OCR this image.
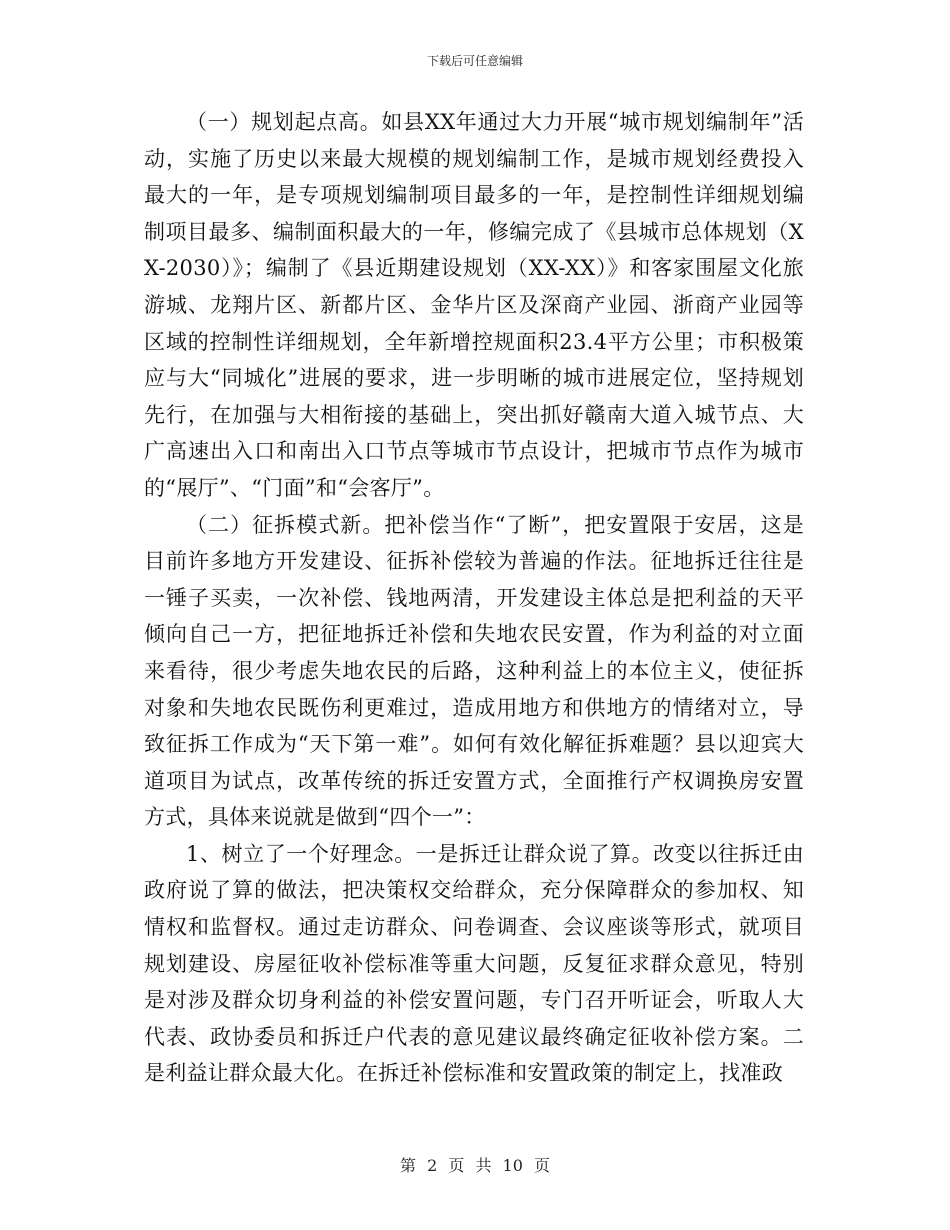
下载后可任意编辑

（一）规划起点高。如县XX年通过大力开展“城市规划编制年”活动，实施了历史以来最大规模的规划编制工作，是城市规划经费投入最大的一年，是专项规划编制项目最多的一年，是控制性详细规划编制项目最多、编制面积最大的一年，修编完成了《县城市总体规划（XX-2030）》；编制了《县近期建设规划（XX-XX）》和客家围屋文化旅游城、龙翔片区、新都片区、金华片区及深商产业园、浙商产业园等区域的控制性详细规划，全年新增控规面积23.4平方公里；市积极策应与大“同城化”进展的要求，进一步明晰的城市进展定位，坚持规划先行，在加强与大相衔接的基础上，突出抓好赣南大道入城节点、大广高速出入口和南出入口节点等城市节点设计，把城市节点作为城市的“展厅”、“门面”和“会客厅”。

（二）征拆模式新。把补偿当作“了断”，把安置限于安居，这是目前许多地方开发建设、征拆补偿较为普遍的作法。征地拆迁往往是一锤子买卖，一次补偿、钱地两清，开发建设主体总是把利益的天平倾向自己一方，把征地拆迁补偿和失地农民安置，作为利益的对立面来看待，很少考虑失地农民的后路，这种利益上的本位主义，使征拆对象和失地农民既伤利更难过，造成用地方和供地方的情绪对立，导致征拆工作成为“天下第一难”。如何有效化解征拆难题？县以迎宾大道项目为试点，改革传统的拆迁安置方式，全面推行产权调换房安置方式，具体来说就是做到“四个一”：

1、树立了一个好理念。一是拆迁让群众说了算。改变以往拆迁由政府说了算的做法，把决策权交给群众，充分保障群众的参加权、知情权和监督权。通过走访群众、问卷调查、会议座谈等形式，就项目规划建设、房屋征收补偿标准等重大问题，反复征求群众意见，特别是对涉及群众切身利益的补偿安置问题，专门召开听证会，听取人大代表、政协委员和拆迁户代表的意见建议最终确定征收补偿方案。二是利益让群众最大化。在拆迁补偿标准和安置政策的制定上，找准政

第 2 页 共 10 页
